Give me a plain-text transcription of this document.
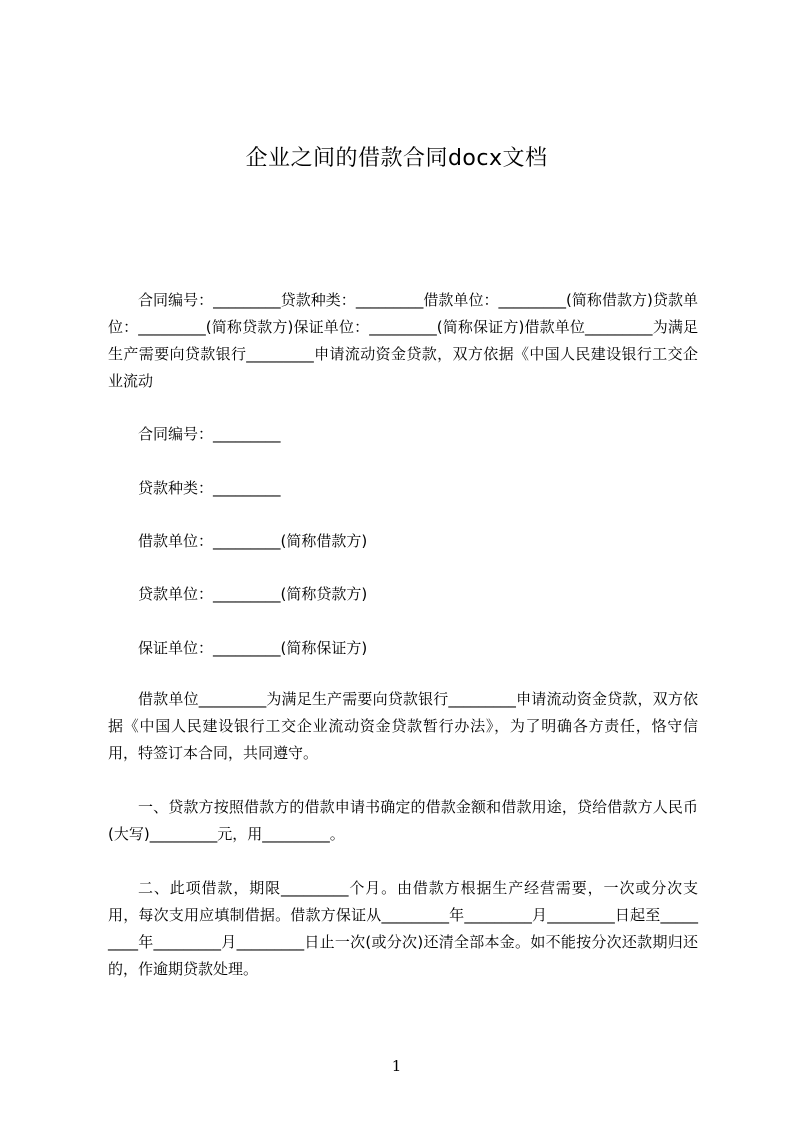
企业之间的借款合同docx文档

合同编号：_________贷款种类：_________借款单位：_________(简称借款方)贷款单位：_________(简称贷款方)保证单位：_________(简称保证方)借款单位_________为满足生产需要向贷款银行_________申请流动资金贷款，双方依据《中国人民建设银行工交企业流动

合同编号：_________

贷款种类：_________

借款单位：_________(简称借款方)

贷款单位：_________(简称贷款方)

保证单位：_________(简称保证方)

借款单位_________为满足生产需要向贷款银行_________申请流动资金贷款，双方依据《中国人民建设银行工交企业流动资金贷款暂行办法》，为了明确各方责任，恪守信用，特签订本合同，共同遵守。

一、贷款方按照借款方的借款申请书确定的借款金额和借款用途，贷给借款方人民币(大写)_________元，用_________。

二、此项借款，期限_________个月。由借款方根据生产经营需要，一次或分次支用，每次支用应填制借据。借款方保证从_________年_________月_________日起至_________年_________月_________日止一次(或分次)还清全部本金。如不能按分次还款期归还的，作逾期贷款处理。

1
